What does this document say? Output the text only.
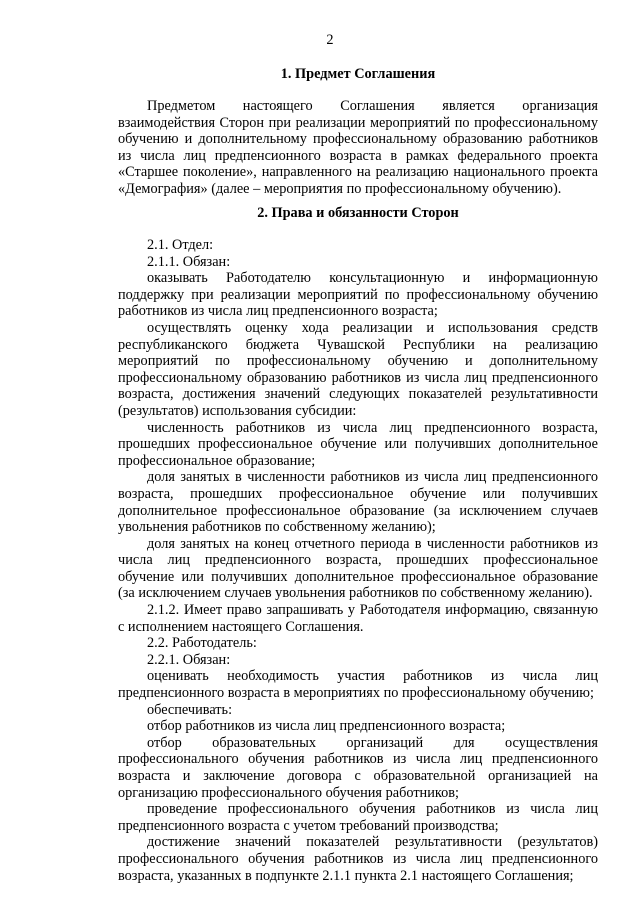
2
1. Предмет Соглашения

Предметом настоящего Соглашения является организация взаимодействия Сторон при реализации мероприятий по профессиональному обучению и дополнительному профессиональному образованию работников из числа лиц предпенсионного возраста в рамках федерального проекта «Старшее поколение», направленного на реализацию национального проекта «Демография» (далее – мероприятия по профессиональному обучению).

2. Права и обязанности Сторон

2.1. Отдел:

2.1.1. Обязан:

оказывать Работодателю консультационную и информационную поддержку при реализации мероприятий по профессиональному обучению работников из числа лиц предпенсионного возраста;

осуществлять оценку хода реализации и использования средств республиканского бюджета Чувашской Республики на реализацию мероприятий по профессиональному обучению и дополнительному профессиональному образованию работников из числа лиц предпенсионного возраста, достижения значений следующих показателей результативности (результатов) использования субсидии:

численность работников из числа лиц предпенсионного возраста, прошедших профессиональное обучение или получивших дополнительное профессиональное образование;

доля занятых в численности работников из числа лиц предпенсионного возраста, прошедших профессиональное обучение или получивших дополнительное профессиональное образование (за исключением случаев увольнения работников по собственному желанию);

доля занятых на конец отчетного периода в численности работников из числа лиц предпенсионного возраста, прошедших профессиональное обучение или получивших дополнительное профессиональное образование (за исключением случаев увольнения работников по собственному желанию).

2.1.2. Имеет право запрашивать у Работодателя информацию, связанную с исполнением настоящего Соглашения.

2.2. Работодатель:

2.2.1. Обязан:

оценивать необходимость участия работников из числа лиц предпенсионного возраста в мероприятиях по профессиональному обучению;

обеспечивать:

отбор работников из числа лиц предпенсионного возраста;

отбор образовательных организаций для осуществления профессионального обучения работников из числа лиц предпенсионного возраста и заключение договора с образовательной организацией на организацию профессионального обучения работников;

проведение профессионального обучения работников из числа лиц предпенсионного возраста с учетом требований производства;

достижение значений показателей результативности (результатов) профессионального обучения работников из числа лиц предпенсионного возраста, указанных в подпункте 2.1.1 пункта 2.1 настоящего Соглашения;
